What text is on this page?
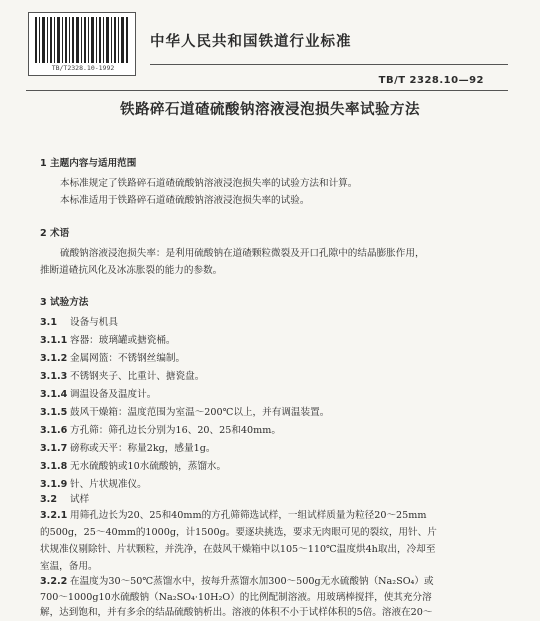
TB/T2328.10-1992
中华人民共和国铁道行业标准
TB/T 2328.10—92
铁路碎石道碴硫酸钠溶液浸泡损失率试验方法
1 主题内容与适用范围
本标准规定了铁路碎石道碴硫酸钠溶液浸泡损失率的试验方法和计算。
本标准适用于铁路碎石道碴硫酸钠溶液浸泡损失率的试验。
2 术语
硫酸钠溶液浸泡损失率：是利用硫酸钠在道碴颗粒微裂及开口孔隙中的结晶膨胀作用，
推断道碴抗风化及冰冻胀裂的能力的参数。
3 试验方法
3.1 设备与机具
3.1.1 容器：玻璃罐或搪瓷桶。
3.1.2 金属网篮：不锈钢丝编制。
3.1.3 不锈钢夹子、比重计、搪瓷盘。
3.1.4 调温设备及温度计。
3.1.5 鼓风干燥箱：温度范围为室温～200℃以上，并有调温装置。
3.1.6 方孔筛：筛孔边长分别为16、20、25和40mm。
3.1.7 磅称或天平：称量2kg，感量1g。
3.1.8 无水硫酸钠或10水硫酸钠，蒸馏水。
3.1.9 针、片状规准仪。
3.2 试样
3.2.1 用筛孔边长为20、25和40mm的方孔筛筛选试样，一组试样质量为粒径20～25mm
的500g，25～40mm的1000g，计1500g。要逐块挑选，要求无肉眼可见的裂纹，用针、片
状规准仪剔除针、片状颗粒，并洗净，在鼓风干燥箱中以105～110℃温度烘4h取出，冷却至
室温，备用。
3.2.2 在温度为30～50℃蒸馏水中，按每升蒸馏水加300～500g无水硫酸钠（Na₂SO₄）或
700～1000g10水硫酸钠（Na₂SO₄·10H₂O）的比例配制溶液。用玻璃棒搅拌，使其充分溶
解，达到饱和，并有多余的结晶硫酸钠析出。溶液的体积不小于试样体积的5倍。溶液在20～
